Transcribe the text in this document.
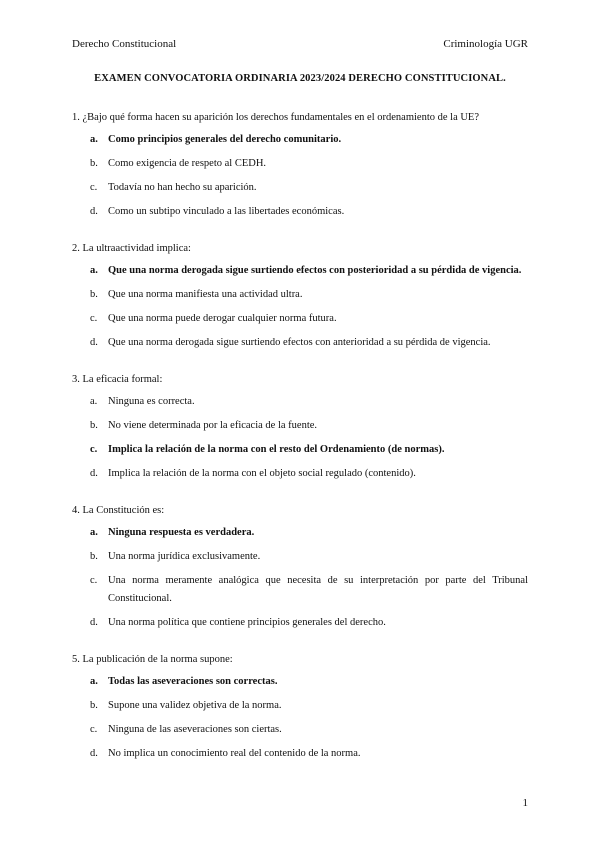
Derecho Constitucional	Criminología UGR
EXAMEN CONVOCATORIA ORDINARIA 2023/2024 DERECHO CONSTITUCIONAL.
1. ¿Bajo qué forma hacen su aparición los derechos fundamentales en el ordenamiento de la UE?
a. Como principios generales del derecho comunitario.
b. Como exigencia de respeto al CEDH.
c.	Todavía no han hecho su aparición.
d. Como un subtipo vinculado a las libertades económicas.
2. La ultraactividad implica:
a. Que una norma derogada sigue surtiendo efectos con posterioridad a su pérdida de vigencia.
b. Que una norma manifiesta una actividad ultra.
c.	Que una norma puede derogar cualquier norma futura.
d. Que una norma derogada sigue surtiendo efectos con anterioridad a su pérdida de vigencia.
3. La eficacia formal:
a.	Ninguna es correcta.
b. No viene determinada por la eficacia de la fuente.
c.	Implica la relación de la norma con el resto del Ordenamiento (de normas).
d. Implica la relación de la norma con el objeto social regulado (contenido).
4. La Constitución es:
a. Ninguna respuesta es verdadera.
b. Una norma jurídica exclusivamente.
c.	Una norma meramente analógica que necesita de su interpretación por parte del Tribunal Constitucional.
d. Una norma política que contiene principios generales del derecho.
5. La publicación de la norma supone:
a. Todas las aseveraciones son correctas.
b. Supone una validez objetiva de la norma.
c.	Ninguna de las aseveraciones son ciertas.
d. No implica un conocimiento real del contenido de la norma.
1
